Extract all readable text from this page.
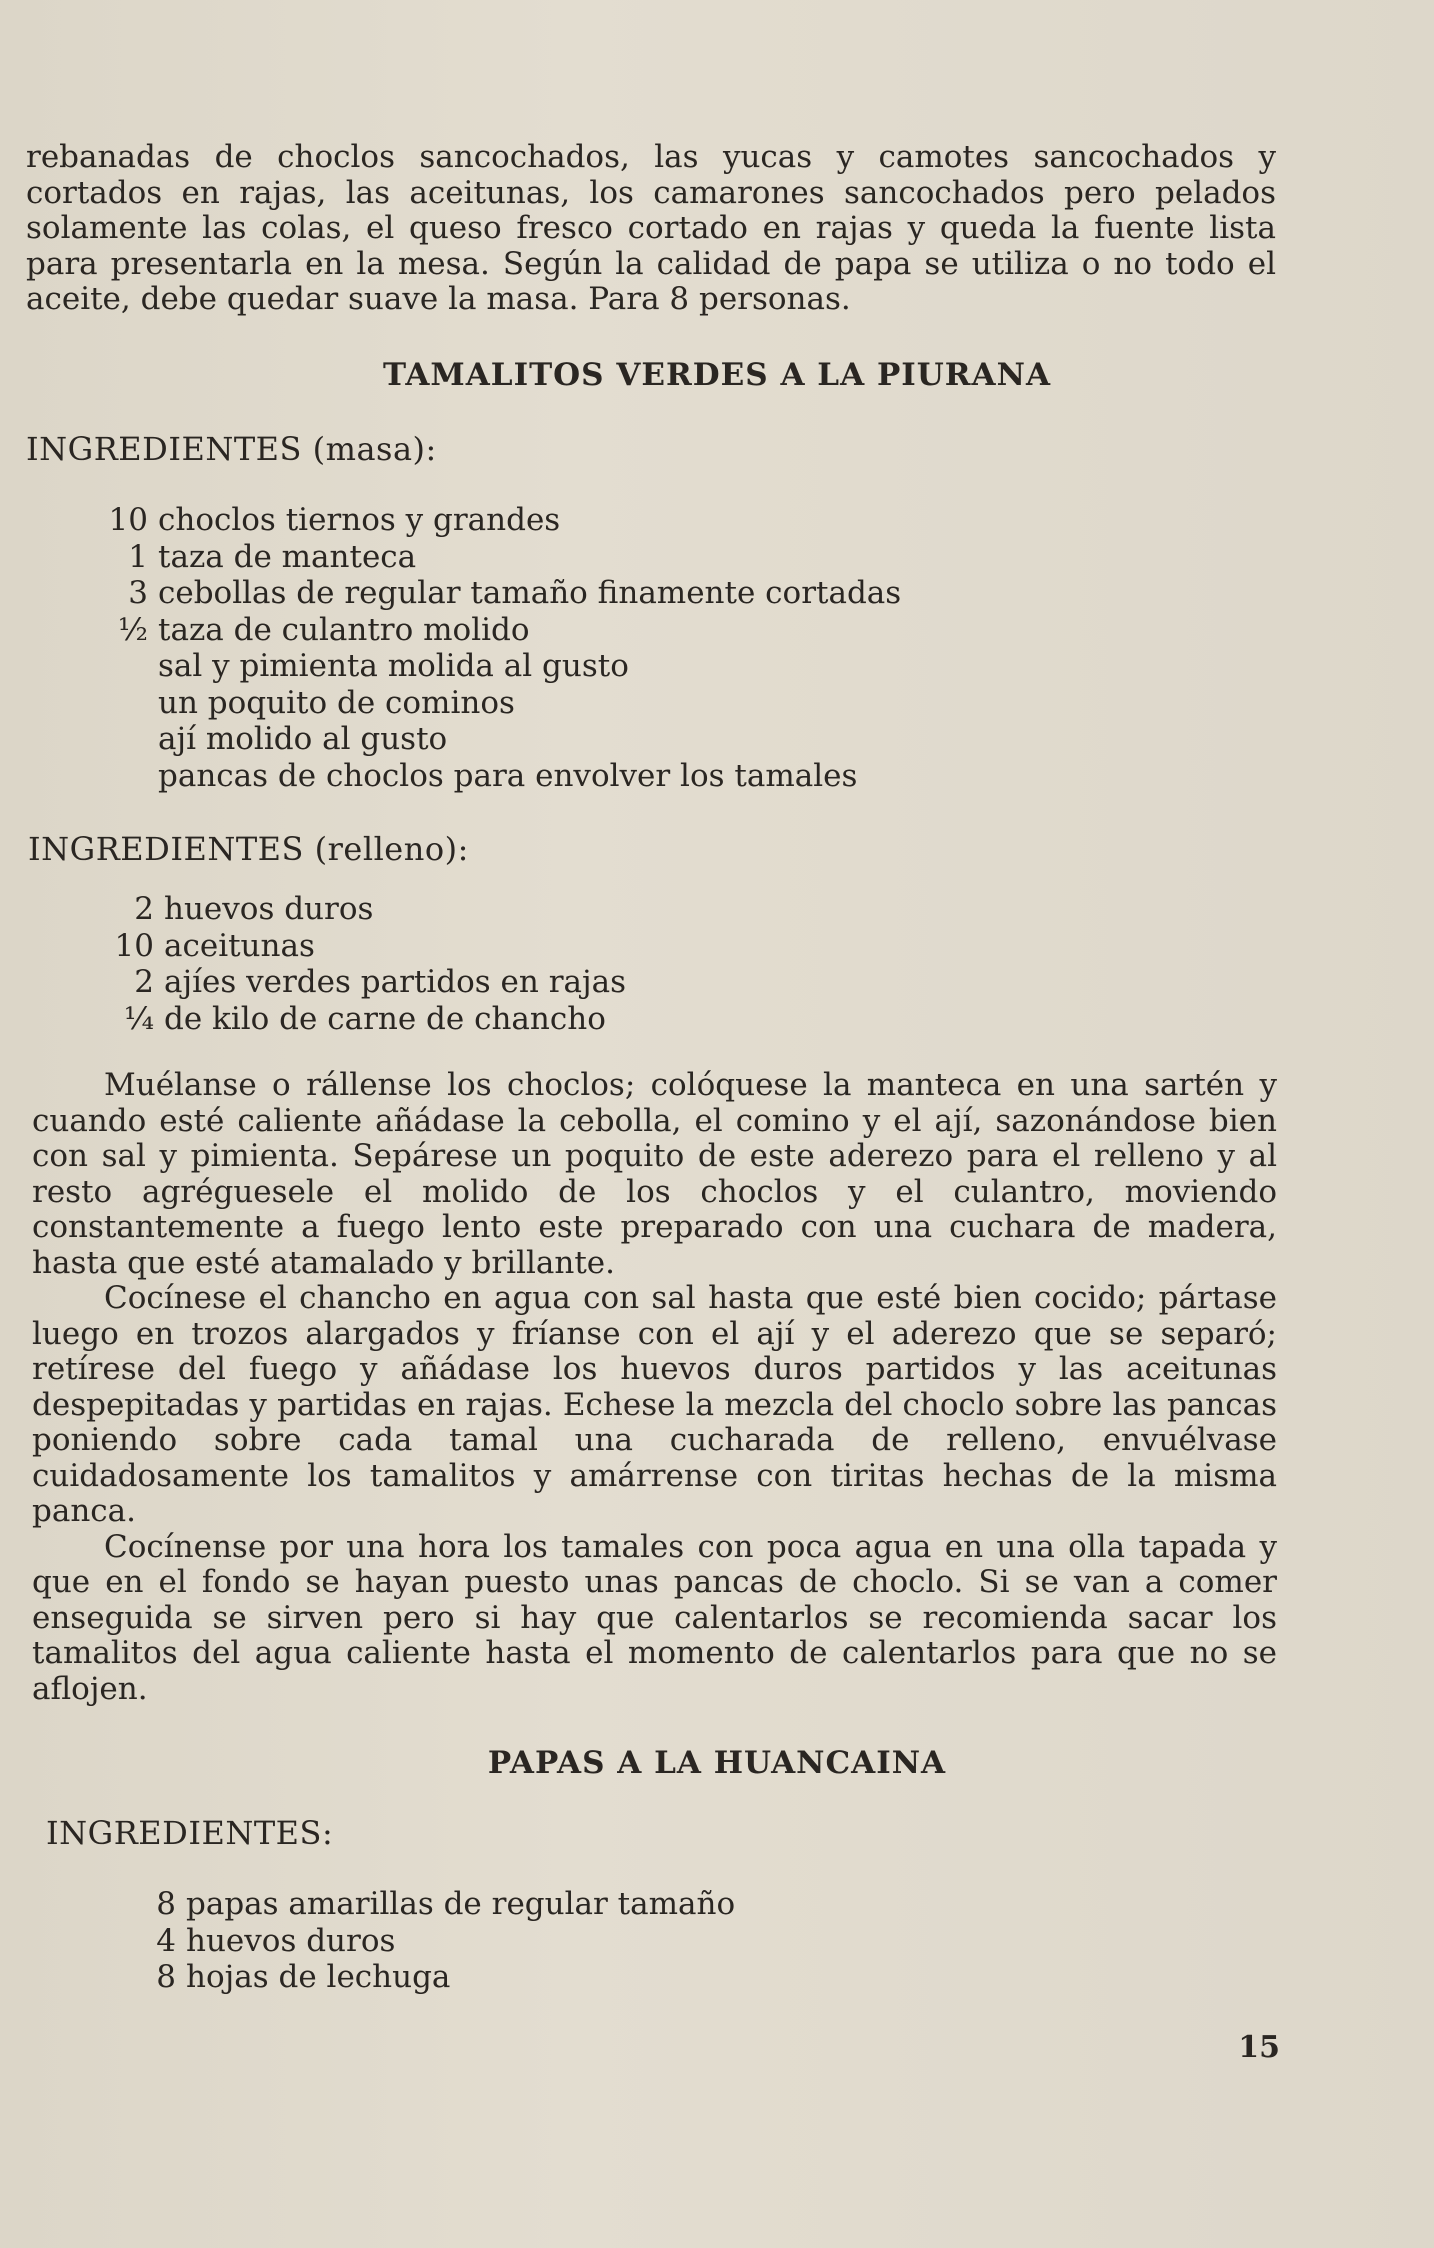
rebanadas de choclos sancochados, las yucas y camotes sancochados y cortados en rajas, las aceitunas, los camarones sancochados pero pelados solamente las colas, el queso fresco cortado en rajas y queda la fuente lista para presentarla en la mesa. Según la calidad de papa se utiliza o no todo el aceite, debe quedar suave la masa. Para 8 personas.

TAMALITOS VERDES A LA PIURANA
INGREDIENTES (masa):
10 choclos tiernos y grandes
1 taza de manteca
3 cebollas de regular tamaño finamente cortadas
½ taza de culantro molido
sal y pimienta molida al gusto
un poquito de cominos
ají molido al gusto
pancas de choclos para envolver los tamales
INGREDIENTES (relleno):
2 huevos duros
10 aceitunas
2 ajíes verdes partidos en rajas
¼ de kilo de carne de chancho

Muélanse o rállense los choclos; colóquese la manteca en una sartén y cuando esté caliente añádase la cebolla, el comino y el ají, sazonándose bien con sal y pimienta. Sepárese un poquito de este aderezo para el relleno y al resto agréguesele el molido de los choclos y el culantro, moviendo constantemente a fuego lento este preparado con una cuchara de madera, hasta que esté atamalado y brillante.

Cocínese el chancho en agua con sal hasta que esté bien cocido; pártase luego en trozos alargados y fríanse con el ají y el aderezo que se separó; retírese del fuego y añádase los huevos duros partidos y las aceitunas despepitadas y partidas en rajas. Echese la mezcla del choclo sobre las pancas poniendo sobre cada tamal una cucharada de relleno, envuélvase cuidadosamente los tamalitos y amárrense con tiritas hechas de la misma panca.

Cocínense por una hora los tamales con poca agua en una olla tapada y que en el fondo se hayan puesto unas pancas de choclo. Si se van a comer enseguida se sirven pero si hay que calentarlos se recomienda sacar los tamalitos del agua caliente hasta el momento de calentarlos para que no se aflojen.

PAPAS A LA HUANCAINA
INGREDIENTES:
8 papas amarillas de regular tamaño
4 huevos duros
8 hojas de lechuga
15
